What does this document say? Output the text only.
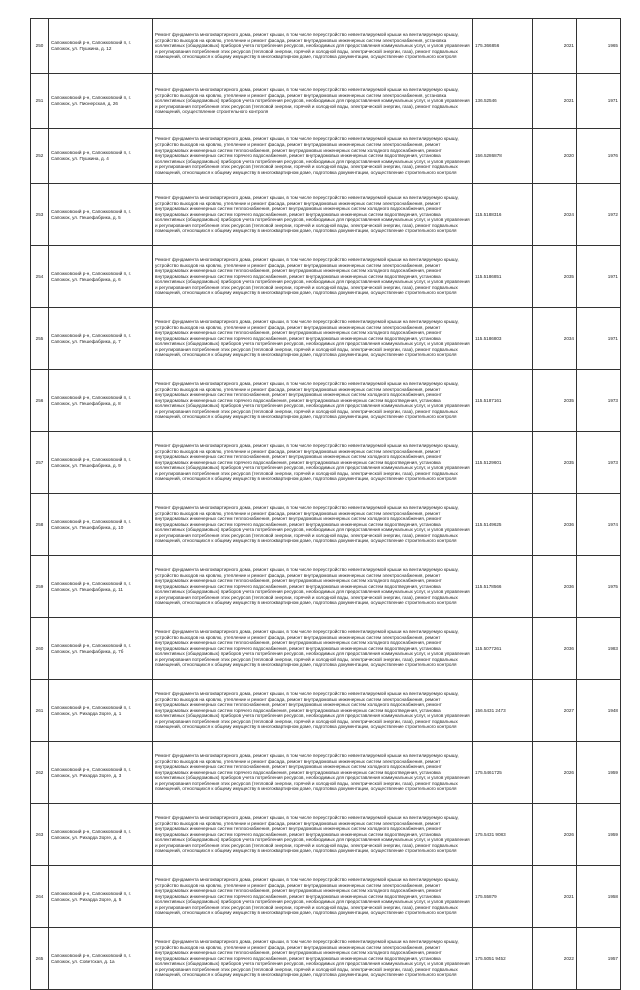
250	Сапожковский р-н, Сапожковский п, г. Сапожок, ул. Пушкина, д. 12	Ремонт фундамента многоквартирного дома, ремонт крыши, в том числе переустройство невентилируемой крыши на вентилируемую крышу, устройство выходов на кровлю, утепление и ремонт фасада, ремонт внутридомовых инженерных систем электроснабжения, установка коллективных (общедомовых) приборов учета потребления ресурсов, необходимых для предоставления коммунальных услуг, и узлов управления и регулирования потребления этих ресурсов (тепловой энергии, горячей и холодной воды, электрической энергии, газа), ремонт подвальных помещений, относящихся к общему имуществу в многоквартирном доме, подготовка документации, осуществление строительного контроля	175.366856	2021	1965
251	Сапожковский р-н, Сапожковский п, г. Сапожок, ул. Пионерская, д. 26	Ремонт фундамента многоквартирного дома, ремонт крыши, в том числе переустройство невентилируемой крыши на вентилируемую крышу, устройство выходов на кровлю, утепление и ремонт фасада, ремонт внутридомовых инженерных систем электроснабжения, установка коллективных (общедомовых) приборов учета потребления ресурсов, необходимых для предоставления коммунальных услуг, и узлов управления и регулирования потребления этих ресурсов (тепловой энергии, горячей и холодной воды, электрической энергии, газа), ремонт подвальных помещений, осуществление строительного контроля	136.52546	2021	1971
252	Сапожковский р-н, Сапожковский п, г. Сапожок, ул. Пушкина, д. 4	Ремонт фундамента многоквартирного дома, ремонт крыши, в том числе переустройство невентилируемой крыши на вентилируемую крышу, устройство выходов на кровлю, утепление и ремонт фасада, ремонт внутридомовых инженерных систем электроснабжения, ремонт внутридомовых инженерных систем теплоснабжения, ремонт внутридомовых инженерных систем холодного водоснабжения, ремонт внутридомовых инженерных систем горячего водоснабжения, ремонт внутридомовых инженерных систем водоотведения, установка коллективных (общедомовых) приборов учета потребления ресурсов, необходимых для предоставления коммунальных услуг, и узлов управления и регулирования потребления этих ресурсов (тепловой энергии, горячей и холодной воды, электрической энергии, газа), ремонт подвальных помещений, относящихся к общему имуществу в многоквартирном доме, подготовка документации, осуществление строительного контроля	156.5286878	2020	1976
253	Сапожковский р-н, Сапожковский п, г. Сапожок, ул. Пешефабрика, д. 5	Ремонт фундамента многоквартирного дома, ремонт крыши, в том числе переустройство невентилируемой крыши на вентилируемую крышу, устройство выходов на кровлю, утепление и ремонт фасада, ремонт внутридомовых инженерных систем электроснабжения, ремонт внутридомовых инженерных систем теплоснабжения, ремонт внутридомовых инженерных систем холодного водоснабжения, ремонт внутридомовых инженерных систем горячего водоснабжения, ремонт внутридомовых инженерных систем водоотведения, установка коллективных (общедомовых) приборов учета потребления ресурсов, необходимых для предоставления коммунальных услуг, и узлов управления и регулирования потребления этих ресурсов (тепловой энергии, горячей и холодной воды, электрической энергии, газа), ремонт подвальных помещений, относящихся к общему имуществу в многоквартирном доме, подготовка документации, осуществление строительного контроля	115.5188316	2024	1972
254	Сапожковский р-н, Сапожковский п, г. Сапожок, ул. Пешефабрика, д. 6	Ремонт фундамента многоквартирного дома, ремонт крыши, в том числе переустройство невентилируемой крыши на вентилируемую крышу, устройство выходов на кровлю, утепление и ремонт фасада, ремонт внутридомовых инженерных систем электроснабжения, ремонт внутридомовых инженерных систем теплоснабжения, ремонт внутридомовых инженерных систем холодного водоснабжения, ремонт внутридомовых инженерных систем горячего водоснабжения, ремонт внутридомовых инженерных систем водоотведения, установка коллективных (общедомовых) приборов учета потребления ресурсов, необходимых для предоставления коммунальных услуг, и узлов управления и регулирования потребления этих ресурсов (тепловой энергии, горячей и холодной воды, электрической энергии, газа), ремонт подвальных помещений, относящихся к общему имуществу в многоквартирном доме, подготовка документации, осуществление строительного контроля	115.5186851	2035	1971
255	Сапожковский р-н, Сапожковский п, г. Сапожок, ул. Пешефабрика, д. 7	Ремонт фундамента многоквартирного дома, ремонт крыши, в том числе переустройство невентилируемой крыши на вентилируемую крышу, устройство выходов на кровлю, утепление и ремонт фасада, ремонт внутридомовых инженерных систем электроснабжения, ремонт внутридомовых инженерных систем теплоснабжения, ремонт внутридомовых инженерных систем холодного водоснабжения, ремонт внутридомовых инженерных систем горячего водоснабжения, ремонт внутридомовых инженерных систем водоотведения, установка коллективных (общедомовых) приборов учета потребления ресурсов, необходимых для предоставления коммунальных услуг, и узлов управления и регулирования потребления этих ресурсов (тепловой энергии, горячей и холодной воды, электрической энергии, газа), ремонт подвальных помещений, относящихся к общему имуществу в многоквартирном доме, подготовка документации, осуществление строительного контроля	115.5186803	2034	1971
256	Сапожковский р-н, Сапожковский п, г. Сапожок, ул. Пешефабрика, д. 8	Ремонт фундамента многоквартирного дома, ремонт крыши, в том числе переустройство невентилируемой крыши на вентилируемую крышу, устройство выходов на кровлю, утепление и ремонт фасада, ремонт внутридомовых инженерных систем электроснабжения, ремонт внутридомовых инженерных систем теплоснабжения, ремонт внутридомовых инженерных систем холодного водоснабжения, ремонт внутридомовых инженерных систем горячего водоснабжения, ремонт внутридомовых инженерных систем водоотведения, установка коллективных (общедомовых) приборов учета потребления ресурсов, необходимых для предоставления коммунальных услуг, и узлов управления и регулирования потребления этих ресурсов (тепловой энергии, горячей и холодной воды, электрической энергии, газа), ремонт подвальных помещений, относящихся к общему имуществу в многоквартирном доме, подготовка документации, осуществление строительного контроля	115.5187161	2035	1973
257	Сапожковский р-н, Сапожковский п, г. Сапожок, ул. Пешефабрика, д. 9	Ремонт фундамента многоквартирного дома, ремонт крыши, в том числе переустройство невентилируемой крыши на вентилируемую крышу, устройство выходов на кровлю, утепление и ремонт фасада, ремонт внутридомовых инженерных систем электроснабжения, ремонт внутридомовых инженерных систем теплоснабжения, ремонт внутридомовых инженерных систем холодного водоснабжения, ремонт внутридомовых инженерных систем горячего водоснабжения, ремонт внутридомовых инженерных систем водоотведения, установка коллективных (общедомовых) приборов учета потребления ресурсов, необходимых для предоставления коммунальных услуг, и узлов управления и регулирования потребления этих ресурсов (тепловой энергии, горячей и холодной воды, электрической энергии, газа), ремонт подвальных помещений, относящихся к общему имуществу в многоквартирном доме, подготовка документации, осуществление строительного контроля	115.5129601	2035	1973
258	Сапожковский р-н, Сапожковский п, г. Сапожок, ул. Пешефабрика, д. 10	Ремонт фундамента многоквартирного дома, ремонт крыши, в том числе переустройство невентилируемой крыши на вентилируемую крышу, устройство выходов на кровлю, утепление и ремонт фасада, ремонт внутридомовых инженерных систем электроснабжения, ремонт внутридомовых инженерных систем теплоснабжения, ремонт внутридомовых инженерных систем холодного водоснабжения, ремонт внутридомовых инженерных систем горячего водоснабжения, ремонт внутридомовых инженерных систем водоотведения, установка коллективных (общедомовых) приборов учета потребления ресурсов, необходимых для предоставления коммунальных услуг, и узлов управления и регулирования потребления этих ресурсов (тепловой энергии, горячей и холодной воды, электрической энергии, газа), ремонт подвальных помещений, относящихся к общему имуществу в многоквартирном доме, подготовка документации, осуществление строительного контроля	115.5149625	2036	1974
259	Сапожковский р-н, Сапожковский п, г. Сапожок, ул. Пешефабрика, д. 11	Ремонт фундамента многоквартирного дома, ремонт крыши, в том числе переустройство невентилируемой крыши на вентилируемую крышу, устройство выходов на кровлю, утепление и ремонт фасада, ремонт внутридомовых инженерных систем электроснабжения, ремонт внутридомовых инженерных систем теплоснабжения, ремонт внутридомовых инженерных систем холодного водоснабжения, ремонт внутридомовых инженерных систем горячего водоснабжения, ремонт внутридомовых инженерных систем водоотведения, установка коллективных (общедомовых) приборов учета потребления ресурсов, необходимых для предоставления коммунальных услуг, и узлов управления и регулирования потребления этих ресурсов (тепловой энергии, горячей и холодной воды, электрической энергии, газа), ремонт подвальных помещений, относящихся к общему имуществу в многоквартирном доме, подготовка документации, осуществление строительного контроля	115.5178566	2036	1975
260	Сапожковский р-н, Сапожковский п, г. Сапожок, ул. Пешефабрика, д. 7б	Ремонт фундамента многоквартирного дома, ремонт крыши, в том числе переустройство невентилируемой крыши на вентилируемую крышу, устройство выходов на кровлю, утепление и ремонт фасада, ремонт внутридомовых инженерных систем электроснабжения, ремонт внутридомовых инженерных систем теплоснабжения, ремонт внутридомовых инженерных систем холодного водоснабжения, ремонт внутридомовых инженерных систем горячего водоснабжения, ремонт внутридомовых инженерных систем водоотведения, установка коллективных (общедомовых) приборов учета потребления ресурсов, необходимых для предоставления коммунальных услуг, и узлов управления и регулирования потребления этих ресурсов (тепловой энергии, горячей и холодной воды, электрической энергии, газа), ремонт подвальных помещений, относящихся к общему имуществу в многоквартирном доме, подготовка документации, осуществление строительного контроля	115.5077261	2036	1983
261	Сапожковский р-н, Сапожковский п, г. Сапожок, ул. Рихарда Зорге, д. 1	Ремонт фундамента многоквартирного дома, ремонт крыши, в том числе переустройство невентилируемой крыши на вентилируемую крышу, устройство выходов на кровлю, утепление и ремонт фасада, ремонт внутридомовых инженерных систем электроснабжения, ремонт внутридомовых инженерных систем теплоснабжения, ремонт внутридомовых инженерных систем холодного водоснабжения, ремонт внутридомовых инженерных систем горячего водоснабжения, ремонт внутридомовых инженерных систем водоотведения, установка коллективных (общедомовых) приборов учета потребления ресурсов, необходимых для предоставления коммунальных услуг, и узлов управления и регулирования потребления этих ресурсов (тепловой энергии, горячей и холодной воды, электрической энергии, газа), ремонт подвальных помещений, относящихся к общему имуществу в многоквартирном доме, подготовка документации, осуществление строительного контроля	156.5431 2473	2027	1948
262	Сапожковский р-н, Сапожковский п, г. Сапожок, ул. Рихарда Зорге, д. 3	Ремонт фундамента многоквартирного дома, ремонт крыши, в том числе переустройство невентилируемой крыши на вентилируемую крышу, устройство выходов на кровлю, утепление и ремонт фасада, ремонт внутридомовых инженерных систем электроснабжения, ремонт внутридомовых инженерных систем теплоснабжения, ремонт внутридомовых инженерных систем холодного водоснабжения, ремонт внутридомовых инженерных систем горячего водоснабжения, ремонт внутридомовых инженерных систем водоотведения, установка коллективных (общедомовых) приборов учета потребления ресурсов, необходимых для предоставления коммунальных услуг, и узлов управления и регулирования потребления этих ресурсов (тепловой энергии, горячей и холодной воды, электрической энергии, газа), ремонт подвальных помещений, относящихся к общему имуществу в многоквартирном доме, подготовка документации, осуществление строительного контроля	175.5461725	2026	1959
263	Сапожковский р-н, Сапожковский п, г. Сапожок, ул. Рихарда Зорге, д. 4	Ремонт фундамента многоквартирного дома, ремонт крыши, в том числе переустройство невентилируемой крыши на вентилируемую крышу, устройство выходов на кровлю, утепление и ремонт фасада, ремонт внутридомовых инженерных систем электроснабжения, ремонт внутридомовых инженерных систем теплоснабжения, ремонт внутридомовых инженерных систем холодного водоснабжения, ремонт внутридомовых инженерных систем горячего водоснабжения, ремонт внутридомовых инженерных систем водоотведения, установка коллективных (общедомовых) приборов учета потребления ресурсов, необходимых для предоставления коммунальных услуг, и узлов управления и регулирования потребления этих ресурсов (тепловой энергии, горячей и холодной воды, электрической энергии, газа), ремонт подвальных помещений, относящихся к общему имуществу в многоквартирном доме, подготовка документации, осуществление строительного контроля	175.5431 9083	2026	1959
264	Сапожковский р-н, Сапожковский п, г. Сапожок, ул. Рихарда Зорге, д. 5	Ремонт фундамента многоквартирного дома, ремонт крыши, в том числе переустройство невентилируемой крыши на вентилируемую крышу, устройство выходов на кровлю, утепление и ремонт фасада, ремонт внутридомовых инженерных систем электроснабжения, ремонт внутридомовых инженерных систем теплоснабжения, ремонт внутридомовых инженерных систем холодного водоснабжения, ремонт внутридомовых инженерных систем горячего водоснабжения, ремонт внутридомовых инженерных систем водоотведения, установка коллективных (общедомовых) приборов учета потребления ресурсов, необходимых для предоставления коммунальных услуг, и узлов управления и регулирования потребления этих ресурсов (тепловой энергии, горячей и холодной воды, электрической энергии, газа), ремонт подвальных помещений, относящихся к общему имуществу в многоквартирном доме, подготовка документации, осуществление строительного контроля	175.55879	2021	1958
265	Сапожковский р-н, Сапожковский п, г. Сапожок, ул. Советская, д. 1а	Ремонт фундамента многоквартирного дома, ремонт крыши, в том числе переустройство невентилируемой крыши на вентилируемую крышу, устройство выходов на кровлю, утепление и ремонт фасада, ремонт внутридомовых инженерных систем электроснабжения, ремонт внутридомовых инженерных систем теплоснабжения, ремонт внутридомовых инженерных систем холодного водоснабжения, ремонт внутридомовых инженерных систем горячего водоснабжения, ремонт внутридомовых инженерных систем водоотведения, установка коллективных (общедомовых) приборов учета потребления ресурсов, необходимых для предоставления коммунальных услуг, и узлов управления и регулирования потребления этих ресурсов (тепловой энергии, горячей и холодной воды, электрической энергии, газа), ремонт подвальных помещений, относящихся к общему имуществу в многоквартирном доме, подготовка документации, осуществление строительного контроля	175.5051 9452	2022	1957
